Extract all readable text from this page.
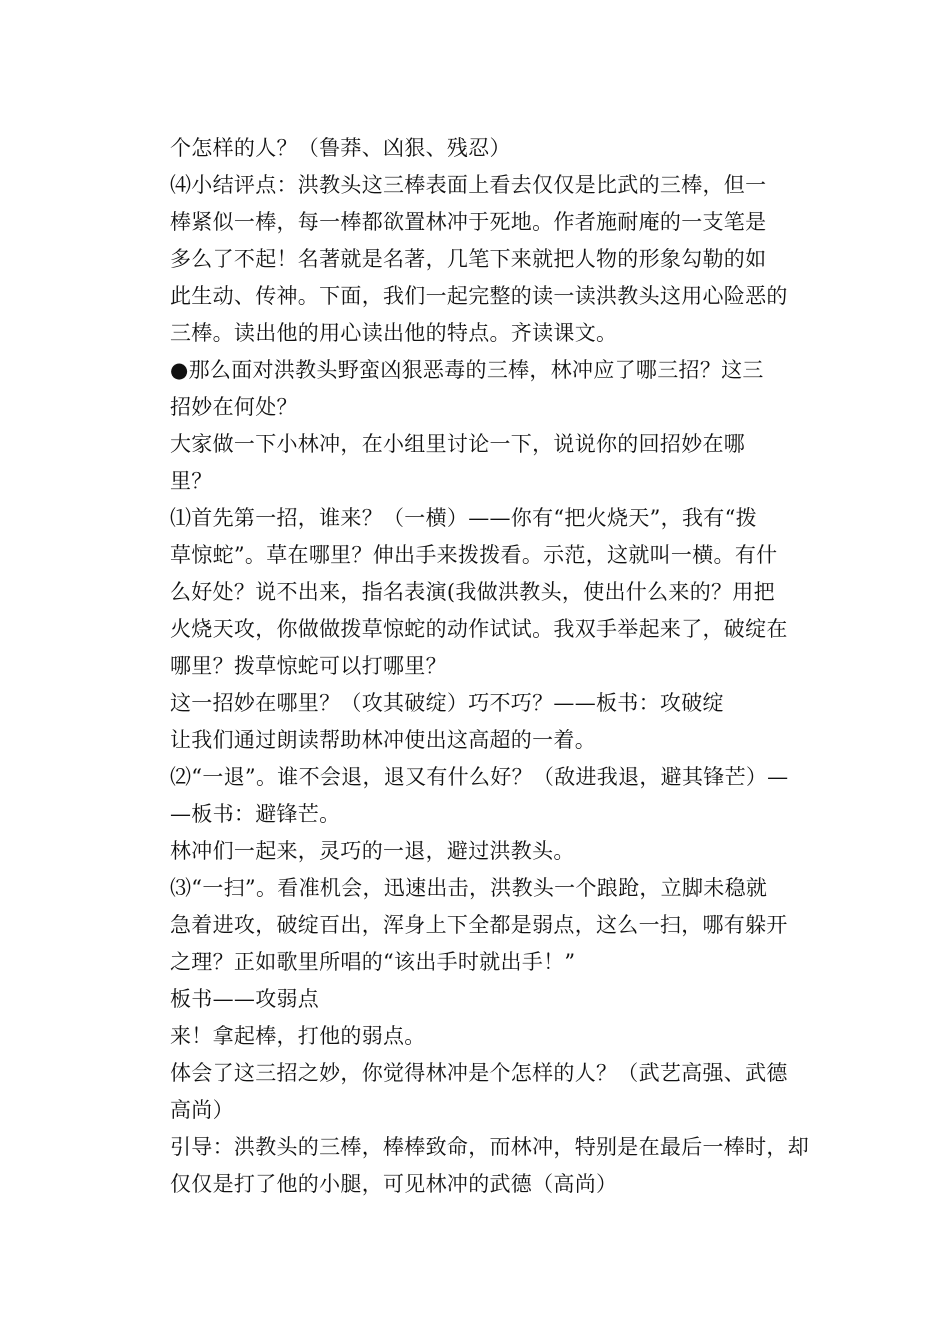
个怎样的人？（鲁莽、凶狠、残忍）
⑷小结评点：洪教头这三棒表面上看去仅仅是比武的三棒，但一
棒紧似一棒，每一棒都欲置林冲于死地。作者施耐庵的一支笔是
多么了不起！名著就是名著，几笔下来就把人物的形象勾勒的如
此生动、传神。下面，我们一起完整的读一读洪教头这用心险恶的
三棒。读出他的用心读出他的特点。齐读课文。
●那么面对洪教头野蛮凶狠恶毒的三棒，林冲应了哪三招？这三
招妙在何处？
大家做一下小林冲，在小组里讨论一下，说说你的回招妙在哪
里？
⑴首先第一招，谁来？（一横）——你有“把火烧天”，我有“拨
草惊蛇”。草在哪里？伸出手来拨拨看。示范，这就叫一横。有什
么好处？说不出来，指名表演(我做洪教头，使出什么来的？用把
火烧天攻，你做做拨草惊蛇的动作试试。我双手举起来了，破绽在
哪里？拨草惊蛇可以打哪里？
这一招妙在哪里？（攻其破绽）巧不巧？——板书：攻破绽
让我们通过朗读帮助林冲使出这高超的一着。
⑵“一退”。谁不会退，退又有什么好？（敌进我退，避其锋芒）—
—板书：避锋芒。
林冲们一起来，灵巧的一退，避过洪教头。
⑶“一扫”。看准机会，迅速出击，洪教头一个踉跄，立脚未稳就
急着进攻，破绽百出，浑身上下全都是弱点，这么一扫，哪有躲开
之理？正如歌里所唱的“该出手时就出手！”
板书——攻弱点
来！拿起棒，打他的弱点。
体会了这三招之妙，你觉得林冲是个怎样的人？（武艺高强、武德
高尚）
引导：洪教头的三棒，棒棒致命，而林冲，特别是在最后一棒时，却
仅仅是打了他的小腿，可见林冲的武德（高尚）
